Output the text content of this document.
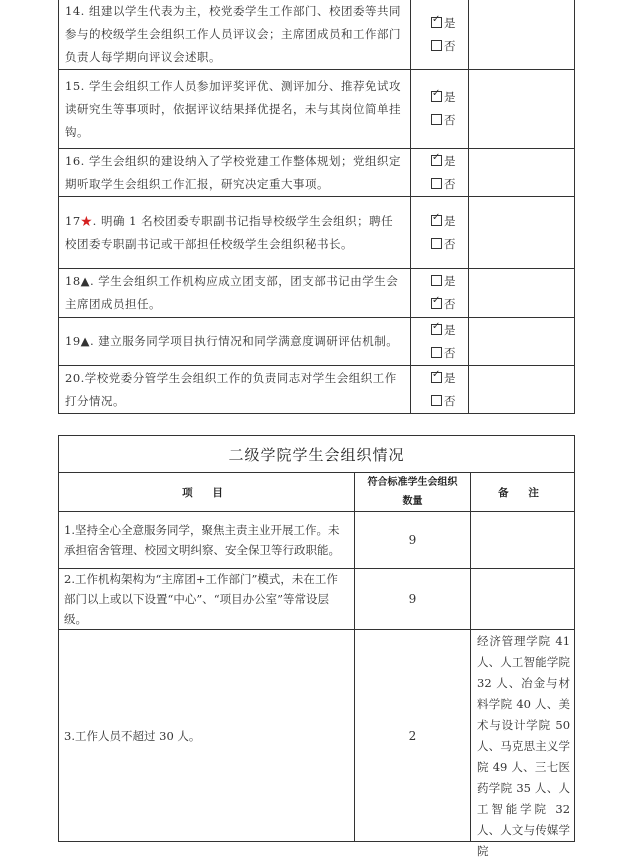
14. 组建以学生代表为主，校党委学生工作部门、校团委等共同参与的校级学生会组织工作人员评议会；主席团成员和工作部门负责人每学期向评议会述职。	
✓是
否

15. 学生会组织工作人员参加评奖评优、测评加分、推荐免试攻读研究生等事项时，依据评议结果择优提名，未与其岗位简单挂钩。	
✓是
否

16. 学生会组织的建设纳入了学校党建工作整体规划；党组织定期听取学生会组织工作汇报，研究决定重大事项。	
✓是
否

17★. 明确 1 名校团委专职副书记指导校级学生会组织；聘任校团委专职副书记或干部担任校级学生会组织秘书长。	
✓是
否

18▲. 学生会组织工作机构应成立团支部，团支部书记由学生会主席团成员担任。	是
✓否

19▲. 建立服务同学项目执行情况和同学满意度调研评估机制。	
✓是
否

20.学校党委分管学生会组织工作的负责同志对学生会组织工作打分情况。	
✓是
否

二级学院学生会组织情况		
项 目	符合标准学生会组织数量	备 注
1.坚持全心全意服务同学，聚焦主责主业开展工作。未承担宿舍管理、校园文明纠察、安全保卫等行政职能。	9	
2.工作机构架构为“主席团+工作部门”模式，未在工作部门以上或以下设置“中心”、“项目办公室”等常设层级。	9	
3.工作人员不超过 30 人。	2	经济管理学院 41 人、人工智能学院 32 人、冶金与材料学院 40 人、美术与设计学院 50 人、马克思主义学院 49 人、三七医药学院 35 人、人工智能学院 32 人、人文与传媒学院
